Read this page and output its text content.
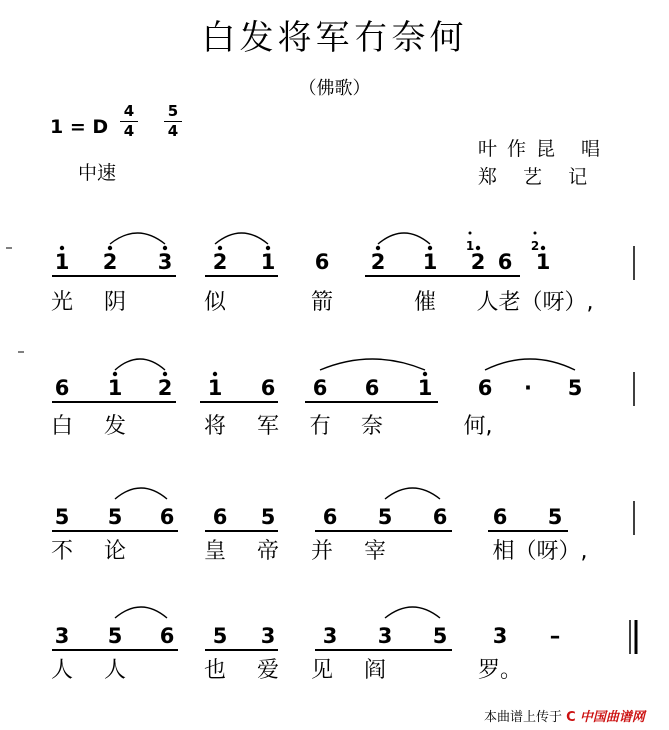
白发将军冇奈何
（佛歌）
1 = D
4
4
5
4
中速
叶作昆 唱
郑 艺 记
1 2 3 2 1 6 2 1 2
1
6 1
2
光 阴	似	箭	催 人老（呀）,
6 1 2 1 6 6 6 1 6 · 5
白 发	将 军 冇 奈	何,
5 5 6 6 5 6 5 6 6 5
不 论	皇 帝 并 宰	相（呀）,
3 5 6 5 3 3 3 5 3 –
人 人	也 爱 见 阎	罗。
本曲谱上传于 C 中国曲谱网
